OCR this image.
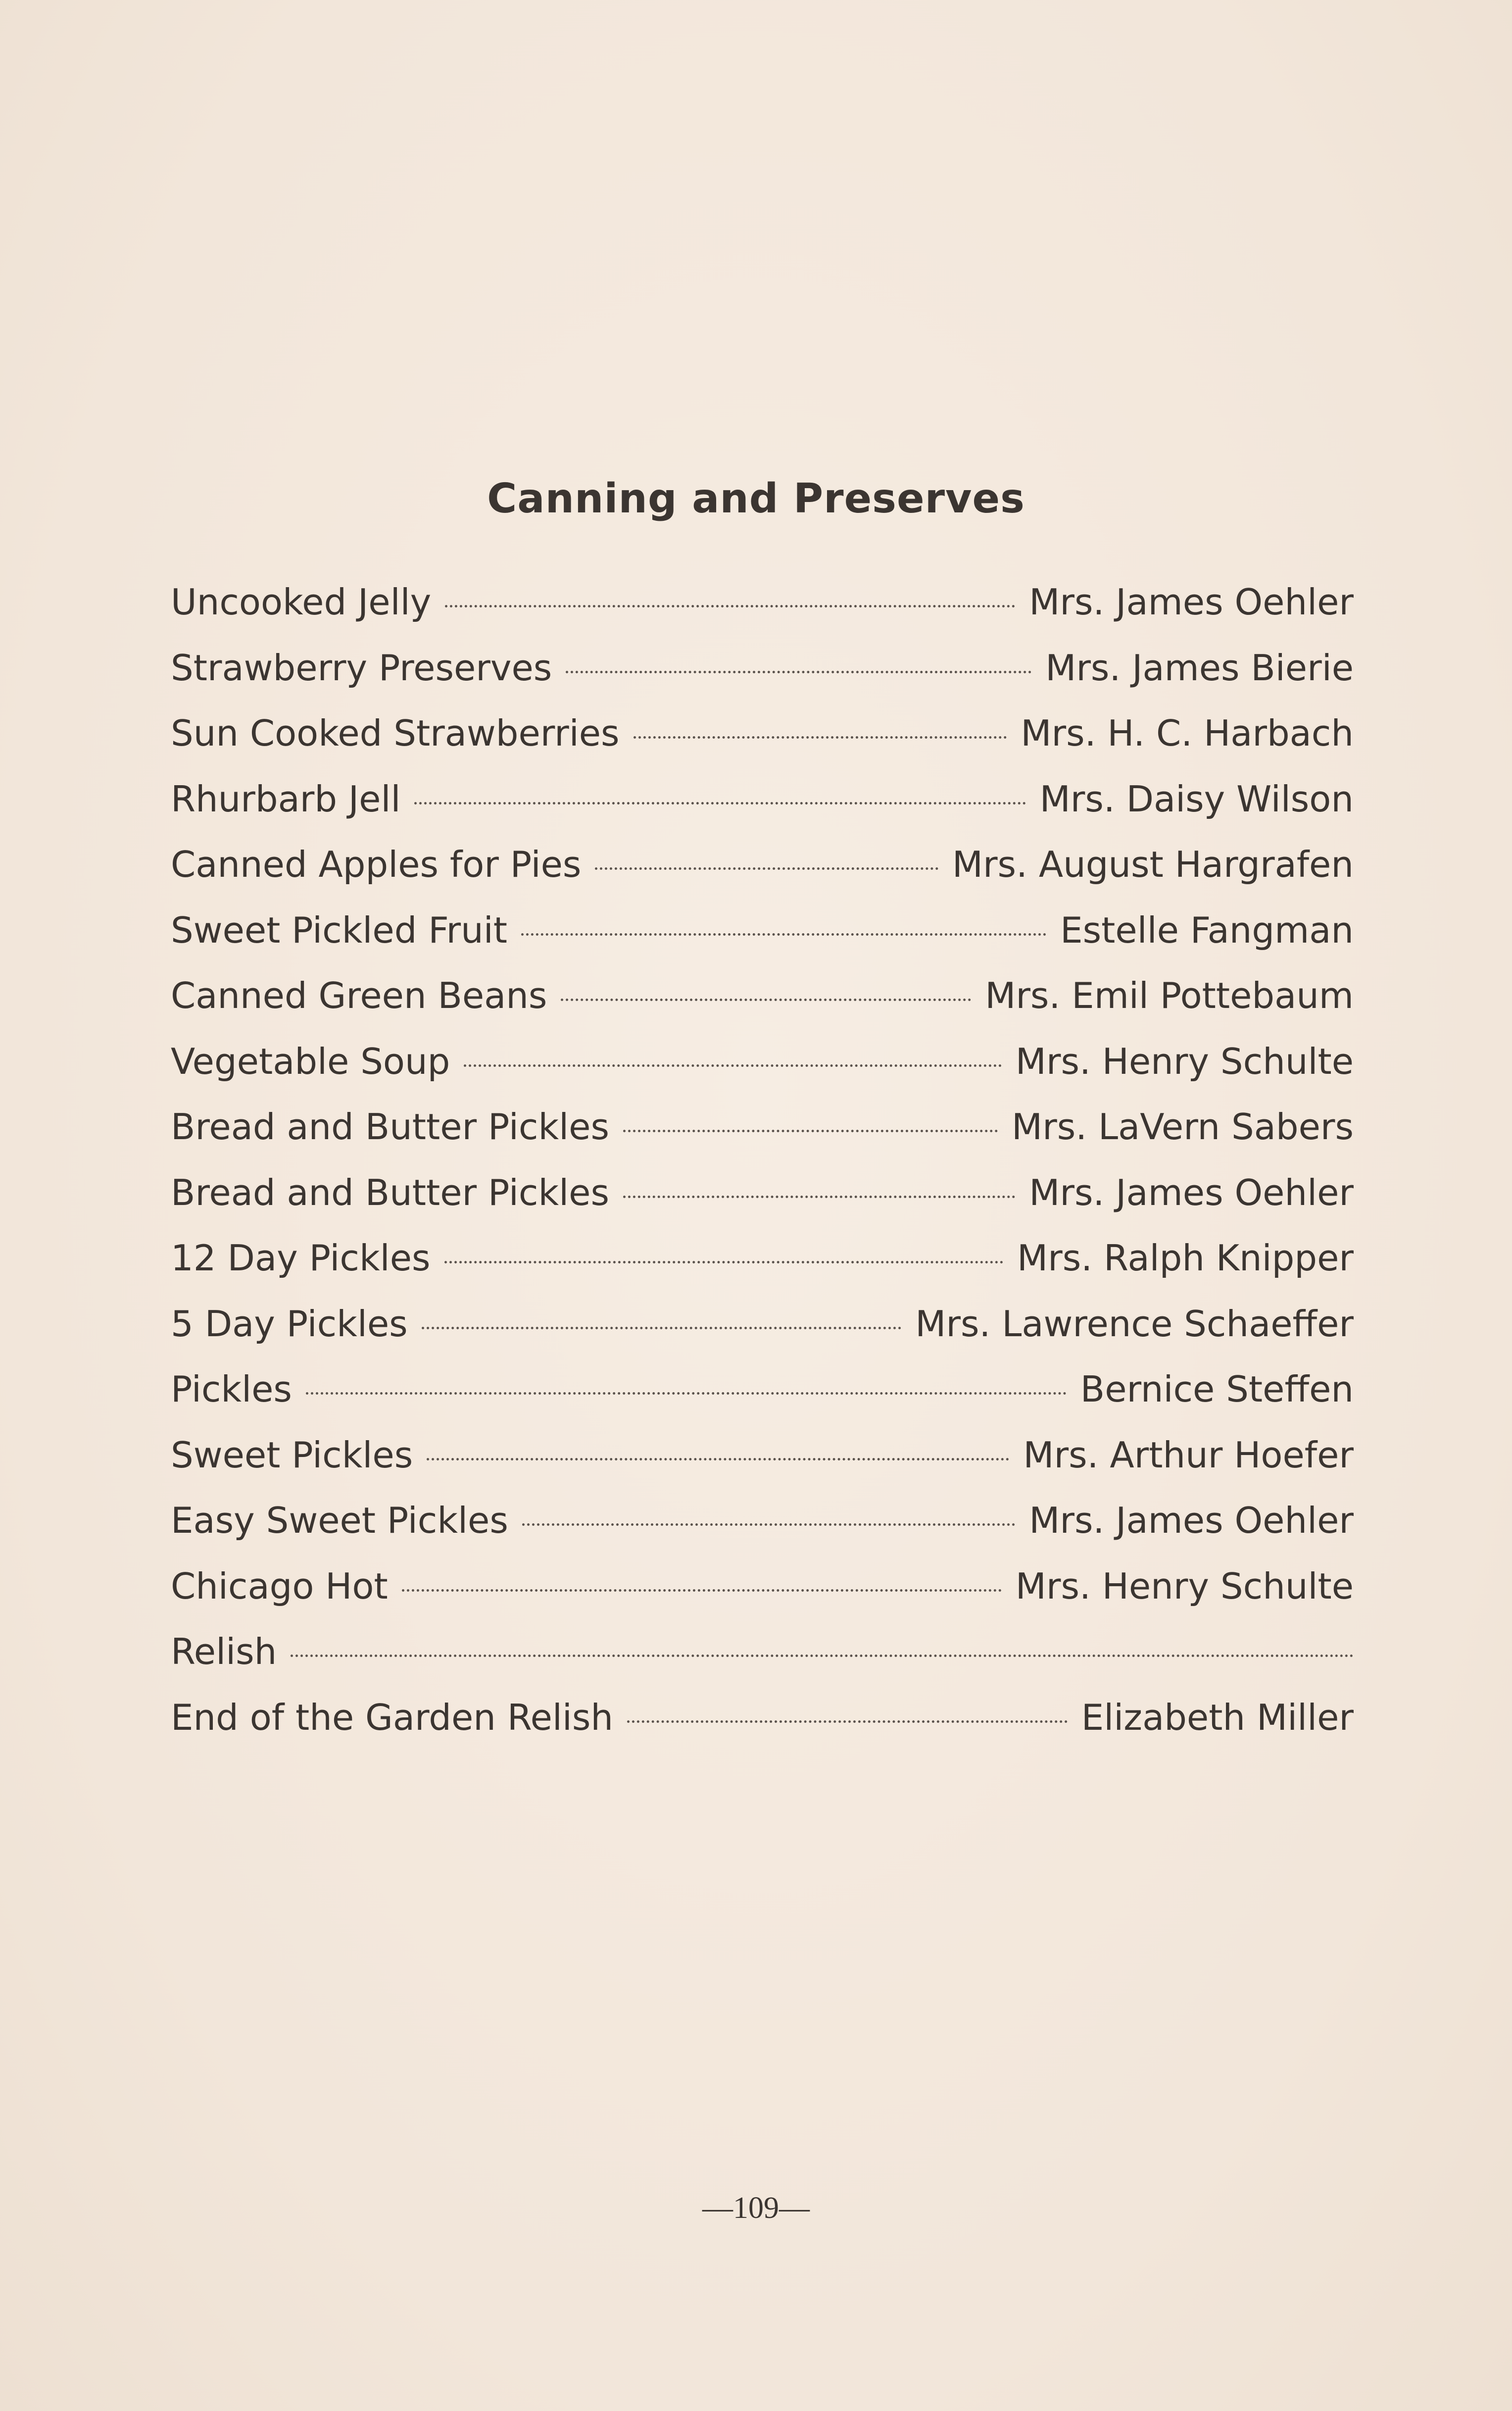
Canning and Preserves
Uncooked Jelly	Mrs. James Oehler
Strawberry Preserves	Mrs. James Bierie
Sun Cooked Strawberries	Mrs. H. C. Harbach
Rhurbarb Jell	Mrs. Daisy Wilson
Canned Apples for Pies	Mrs. August Hargrafen
Sweet Pickled Fruit	Estelle Fangman
Canned Green Beans	Mrs. Emil Pottebaum
Vegetable Soup	Mrs. Henry Schulte
Bread and Butter Pickles	Mrs. LaVern Sabers
Bread and Butter Pickles	Mrs. James Oehler
12 Day Pickles	Mrs. Ralph Knipper
5 Day Pickles	Mrs. Lawrence Schaeffer
Pickles	Bernice Steffen
Sweet Pickles	Mrs. Arthur Hoefer
Easy Sweet Pickles	Mrs. James Oehler
Chicago Hot	Mrs. Henry Schulte
Relish
End of the Garden Relish	Elizabeth Miller
—109—
